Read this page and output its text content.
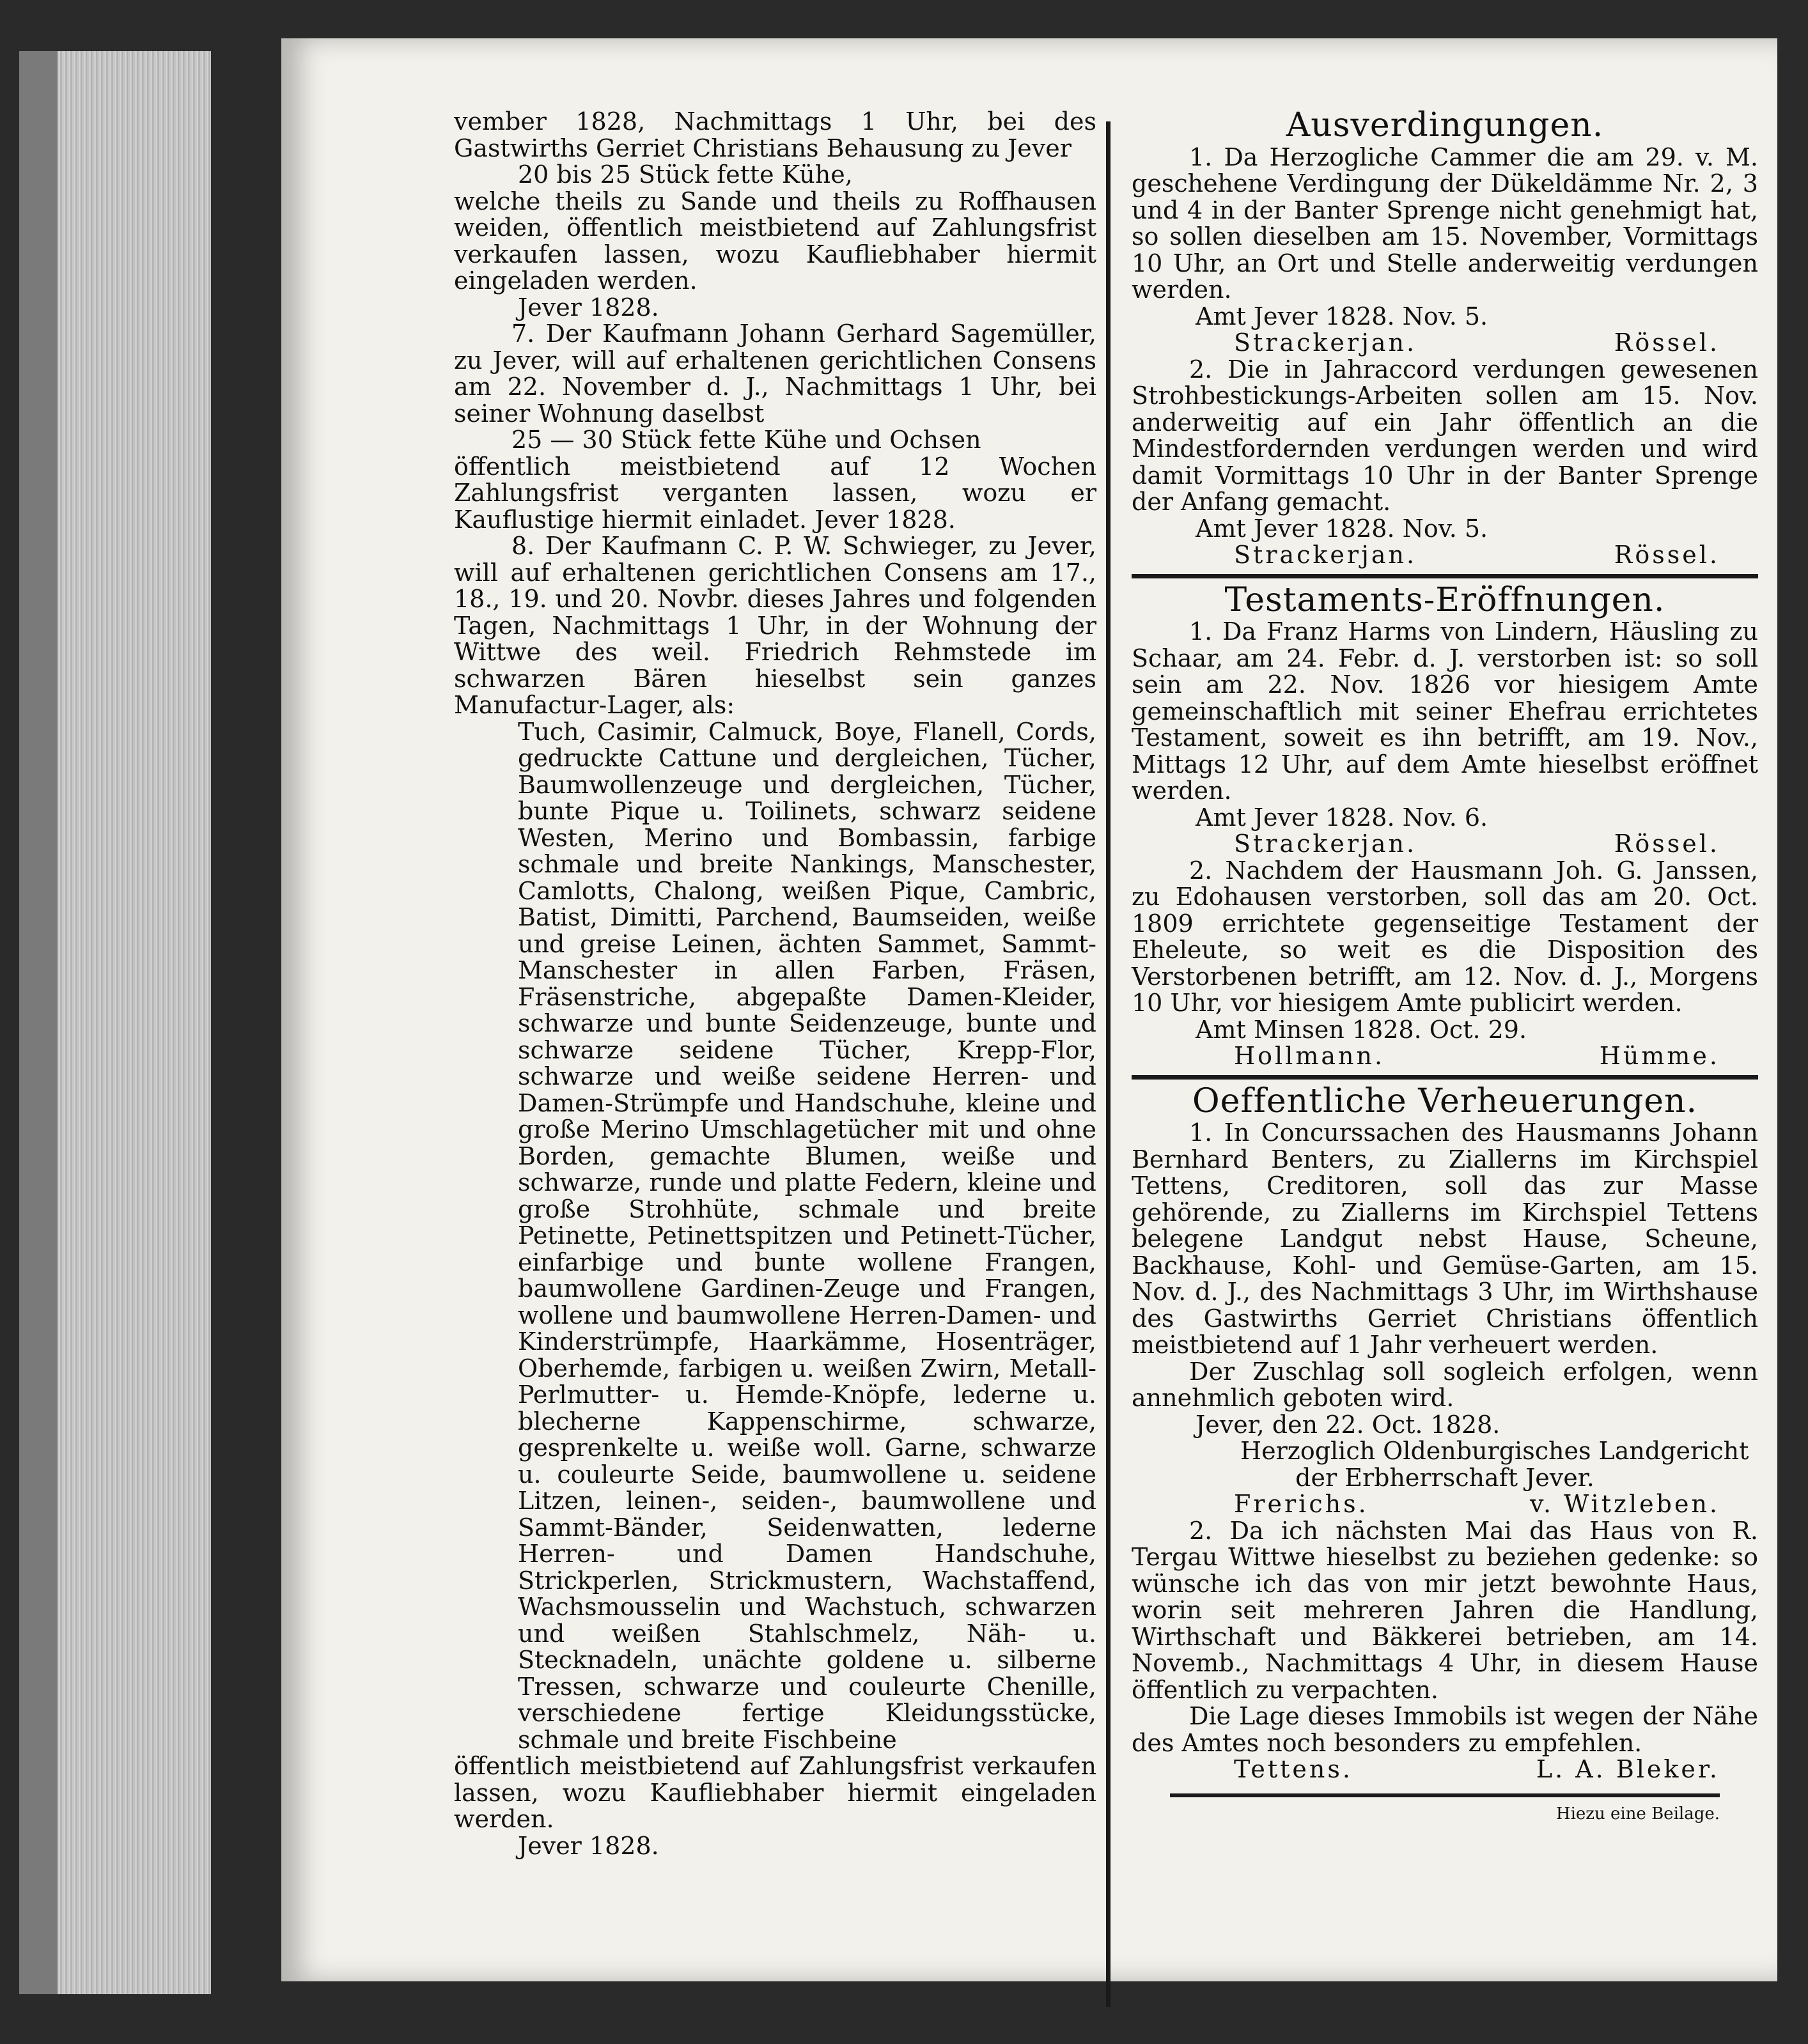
vember 1828, Nachmittags 1 Uhr, bei des Gastwirths Gerriet Christians Behausung zu Jever

20 bis 25 Stück fette Kühe,

welche theils zu Sande und theils zu Roffhausen weiden, öffentlich meistbietend auf Zahlungsfrist verkaufen lassen, wozu Kaufliebhaber hiermit eingeladen werden.

Jever 1828.

7. Der Kaufmann Johann Gerhard Sagemüller, zu Jever, will auf erhaltenen gerichtlichen Consens am 22. November d. J., Nachmittags 1 Uhr, bei seiner Wohnung daselbst

25 — 30 Stück fette Kühe und Ochsen

öffentlich meistbietend auf 12 Wochen Zahlungsfrist verganten lassen, wozu er Kauflustige hiermit einladet. Jever 1828.

8. Der Kaufmann C. P. W. Schwieger, zu Jever, will auf erhaltenen gerichtlichen Consens am 17., 18., 19. und 20. Novbr. dieses Jahres und folgenden Tagen, Nachmittags 1 Uhr, in der Wohnung der Wittwe des weil. Friedrich Rehmstede im schwarzen Bären hieselbst sein ganzes Manufactur-Lager, als:

Tuch, Casimir, Calmuck, Boye, Flanell, Cords, gedruckte Cattune und dergleichen, Tücher, Baumwollenzeuge und dergleichen, Tücher, bunte Pique u. Toilinets, schwarz seidene Westen, Merino und Bombassin, farbige schmale und breite Nankings, Manschester, Camlotts, Chalong, weißen Pique, Cambric, Batist, Dimitti, Parchend, Baumseiden, weiße und greise Leinen, ächten Sammet, Sammt-Manschester in allen Farben, Fräsen, Fräsenstriche, abgepaßte Damen-Kleider, schwarze und bunte Seidenzeuge, bunte und schwarze seidene Tücher, Krepp-Flor, schwarze und weiße seidene Herren- und Damen-Strümpfe und Handschuhe, kleine und große Merino Umschlagetücher mit und ohne Borden, gemachte Blumen, weiße und schwarze, runde und platte Federn, kleine und große Strohhüte, schmale und breite Petinette, Petinettspitzen und Petinett-Tücher, einfarbige und bunte wollene Frangen, baumwollene Gardinen-Zeuge und Frangen, wollene und baumwollene Herren-Damen- und Kinderstrümpfe, Haarkämme, Hosenträger, Oberhemde, farbigen u. weißen Zwirn, Metall- Perlmutter- u. Hemde-Knöpfe, lederne u. blecherne Kappenschirme, schwarze, gesprenkelte u. weiße woll. Garne, schwarze u. couleurte Seide, baumwollene u. seidene Litzen, leinen-, seiden-, baumwollene und Sammt-Bänder, Seidenwatten, lederne Herren- und Damen Handschuhe, Strickperlen, Strickmustern, Wachstaffend, Wachsmousselin und Wachstuch, schwarzen und weißen Stahlschmelz, Näh- u. Stecknadeln, unächte goldene u. silberne Tressen, schwarze und couleurte Chenille, verschiedene fertige Kleidungsstücke, schmale und breite Fischbeine

öffentlich meistbietend auf Zahlungsfrist verkaufen lassen, wozu Kaufliebhaber hiermit eingeladen werden.

Jever 1828.

Ausverdingungen.

1. Da Herzogliche Cammer die am 29. v. M. geschehene Verdingung der Dükeldämme Nr. 2, 3 und 4 in der Banter Sprenge nicht genehmigt hat, so sollen dieselben am 15. November, Vormittags 10 Uhr, an Ort und Stelle anderweitig verdungen werden.

Amt Jever 1828. Nov. 5.

Strackerjan.	Rössel.

2. Die in Jahraccord verdungen gewesenen Strohbestickungs-Arbeiten sollen am 15. Nov. anderweitig auf ein Jahr öffentlich an die Mindestfordernden verdungen werden und wird damit Vormittags 10 Uhr in der Banter Sprenge der Anfang gemacht.

Amt Jever 1828. Nov. 5.

Strackerjan.	Rössel.
Testaments-Eröffnungen.

1. Da Franz Harms von Lindern, Häusling zu Schaar, am 24. Febr. d. J. verstorben ist: so soll sein am 22. Nov. 1826 vor hiesigem Amte gemeinschaftlich mit seiner Ehefrau errichtetes Testament, soweit es ihn betrifft, am 19. Nov., Mittags 12 Uhr, auf dem Amte hieselbst eröffnet werden.

Amt Jever 1828. Nov. 6.

Strackerjan.	Rössel.

2. Nachdem der Hausmann Joh. G. Janssen, zu Edohausen verstorben, soll das am 20. Oct. 1809 errichtete gegenseitige Testament der Eheleute, so weit es die Disposition des Verstorbenen betrifft, am 12. Nov. d. J., Morgens 10 Uhr, vor hiesigem Amte publicirt werden.

Amt Minsen 1828. Oct. 29.

Hollmann.	Hümme.
Oeffentliche Verheuerungen.

1. In Concurssachen des Hausmanns Johann Bernhard Benters, zu Ziallerns im Kirchspiel Tettens, Creditoren, soll das zur Masse gehörende, zu Ziallerns im Kirchspiel Tettens belegene Landgut nebst Hause, Scheune, Backhause, Kohl- und Gemüse-Garten, am 15. Nov. d. J., des Nachmittags 3 Uhr, im Wirthshause des Gastwirths Gerriet Christians öffentlich meistbietend auf 1 Jahr verheuert werden.

Der Zuschlag soll sogleich erfolgen, wenn annehmlich geboten wird.

Jever, den 22. Oct. 1828.

Herzoglich Oldenburgisches Landgericht

der Erbherrschaft Jever.

Frerichs.	v. Witzleben.

2. Da ich nächsten Mai das Haus von R. Tergau Wittwe hieselbst zu beziehen gedenke: so wünsche ich das von mir jetzt bewohnte Haus, worin seit mehreren Jahren die Handlung, Wirthschaft und Bäkkerei betrieben, am 14. Novemb., Nachmittags 4 Uhr, in diesem Hause öffentlich zu verpachten.

Die Lage dieses Immobils ist wegen der Nähe des Amtes noch besonders zu empfehlen.

Tettens.	L. A. Bleker.
Hiezu eine Beilage.
